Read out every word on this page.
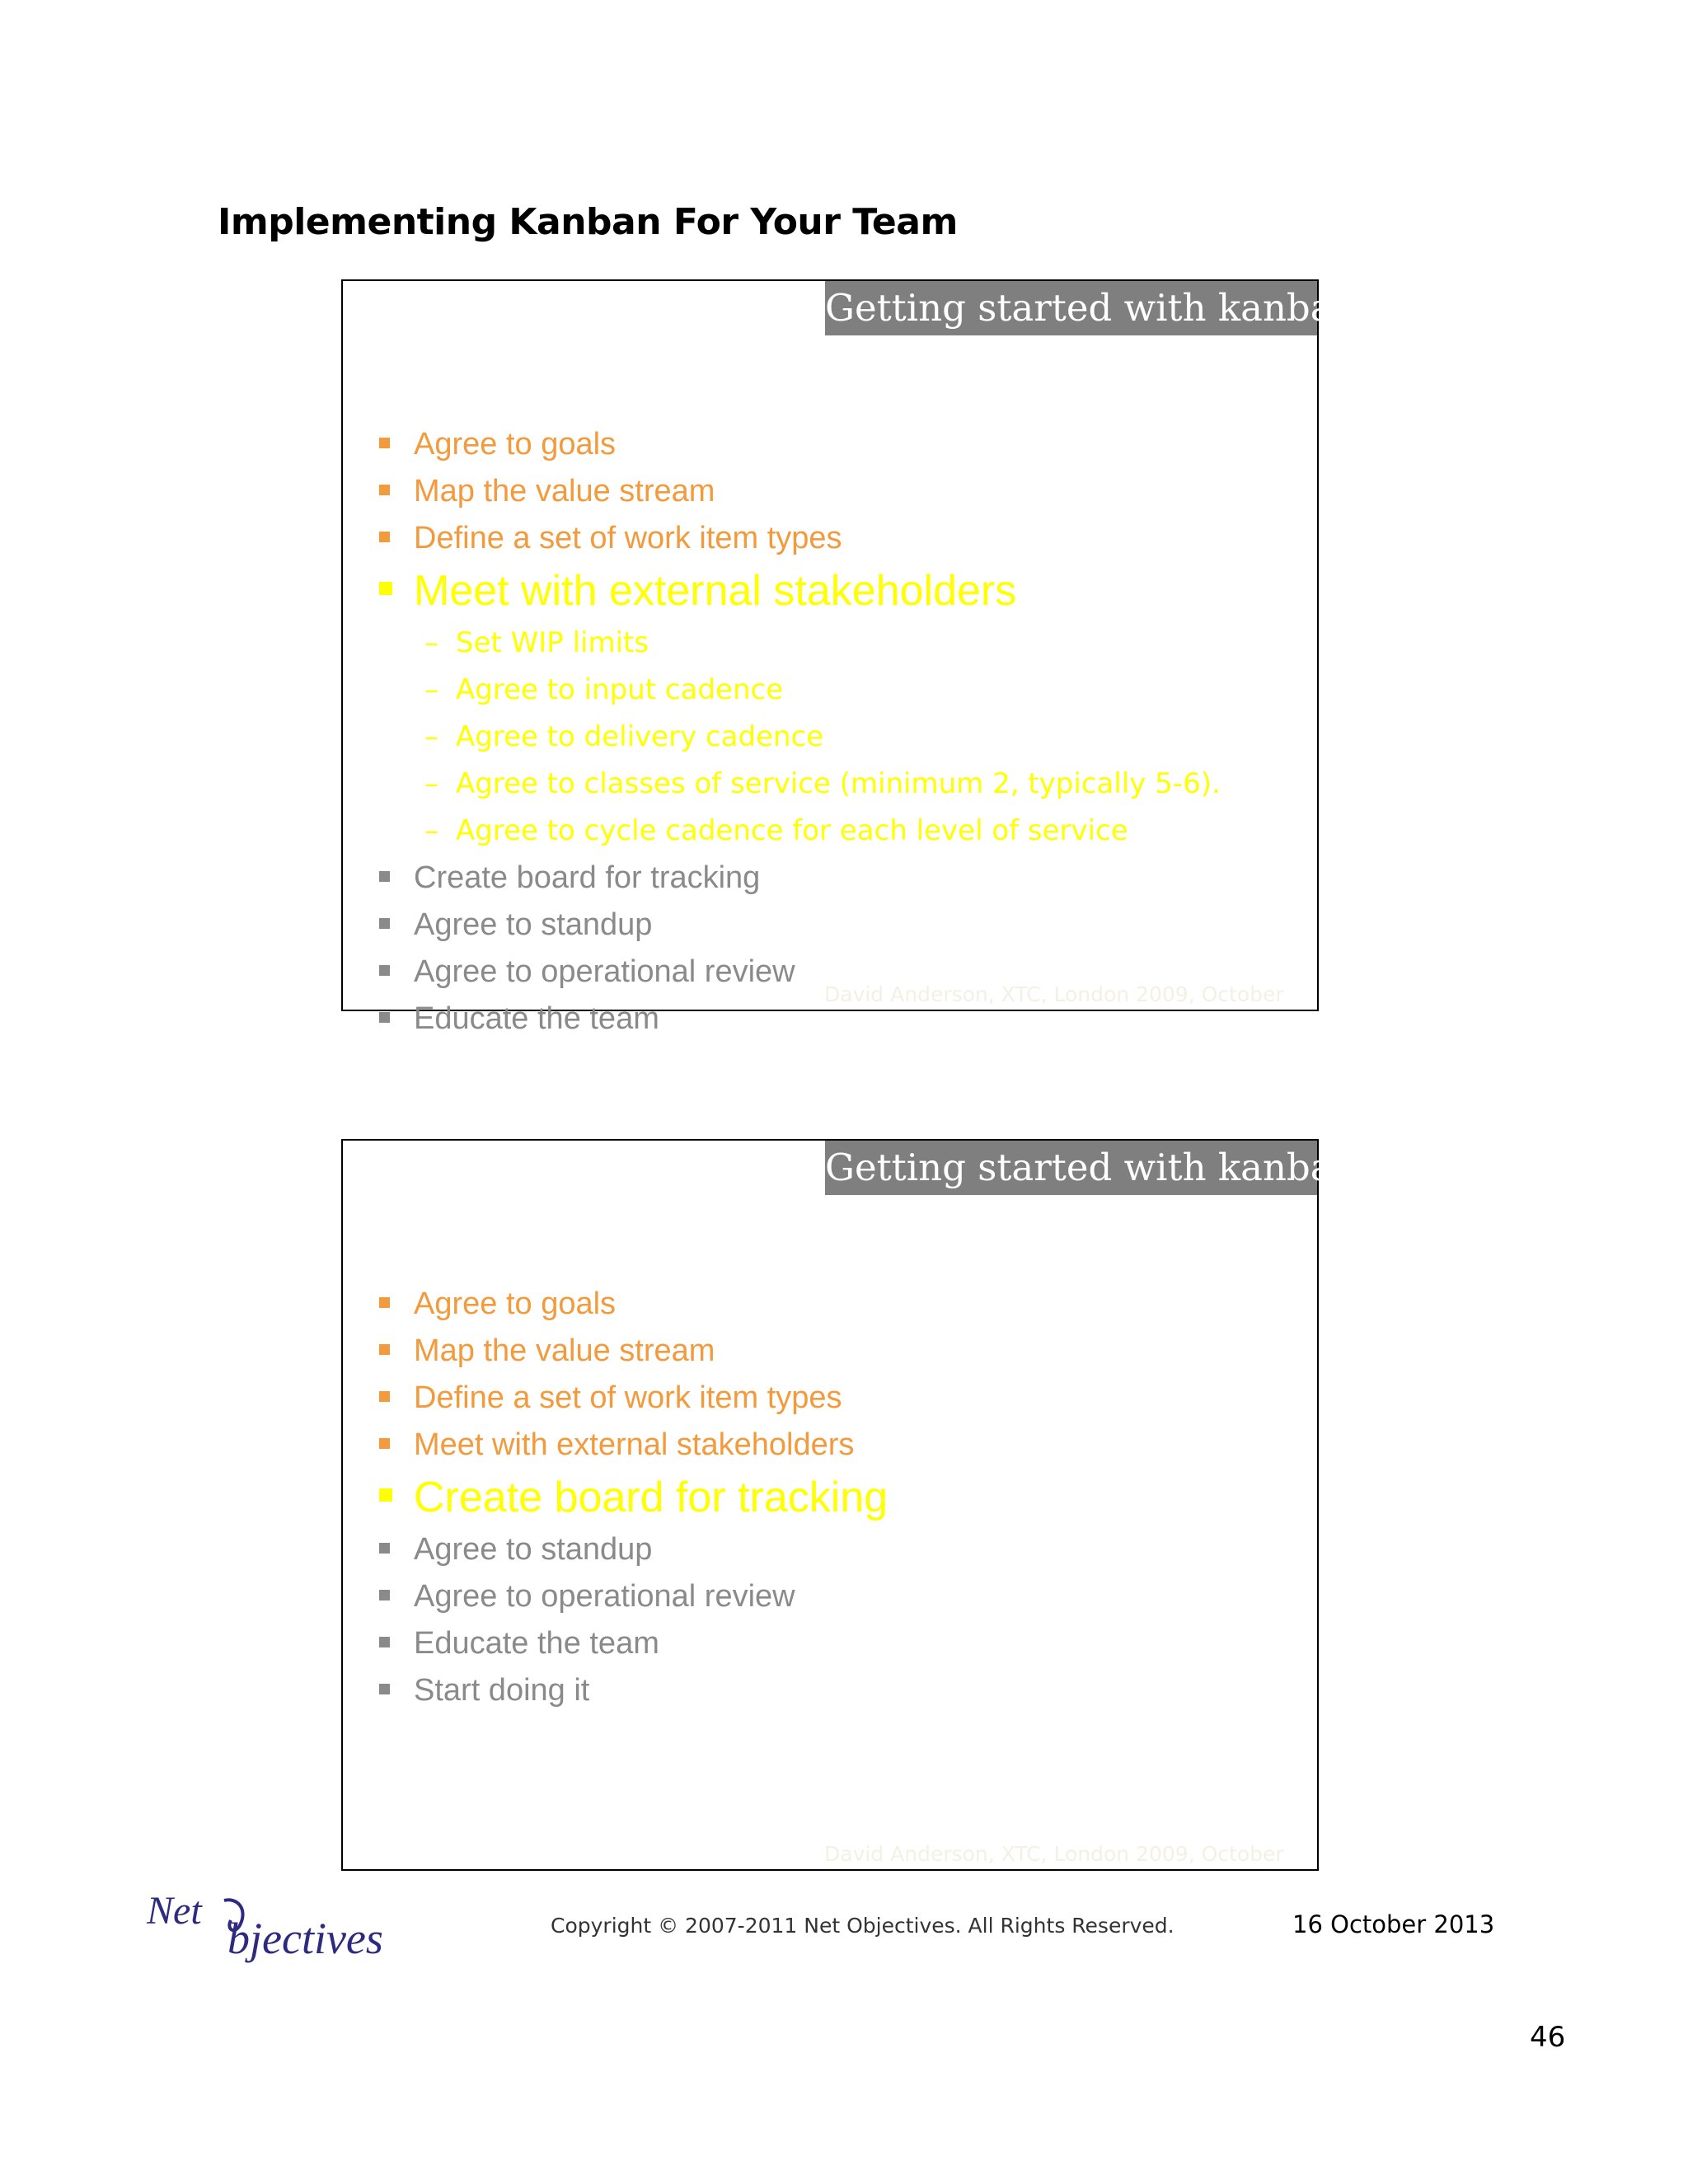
Implementing Kanban For Your Team
Getting started with kanban
Agree to goals
Map the value stream
Define a set of work item types
Meet with external stakeholders
– Set WIP limits
– Agree to input cadence
– Agree to delivery cadence
– Agree to classes of service (minimum 2, typically 5-6).
– Agree to cycle cadence for each level of service
Create board for tracking
Agree to standup
Agree to operational review
Educate the team
David Anderson, XTC, London 2009, October
Getting started with kanban
Agree to goals
Map the value stream
Define a set of work item types
Meet with external stakeholders
Create board for tracking
Agree to standup
Agree to operational review
Educate the team
Start doing it
David Anderson, XTC, London 2009, October
Net
bjectives	Copyright © 2007-2011 Net Objectives. All Rights Reserved.	16 October 2013
46
